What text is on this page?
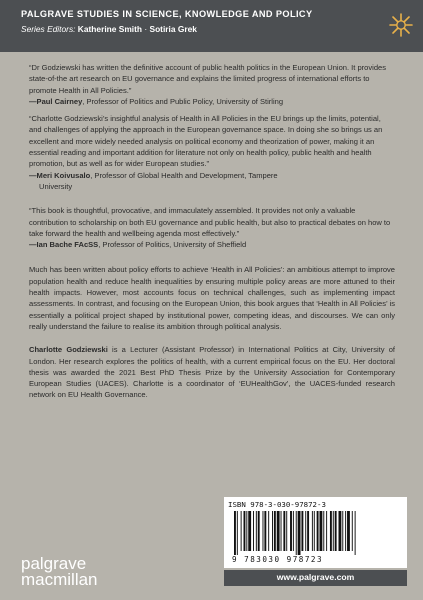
PALGRAVE STUDIES IN SCIENCE, KNOWLEDGE AND POLICY
Series Editors: Katherine Smith · Sotiria Grek

“Dr Godziewski has written the definitive account of public health politics in the European Union. It provides state-of-the art research on EU governance and explains the limited progress of international efforts to promote Health in All Policies.”

—Paul Cairney, Professor of Politics and Public Policy, University of Stirling

“Charlotte Godziewski’s insightful analysis of Health in All Policies in the EU brings up the limits, potential, and challenges of applying the approach in the European governance space. In doing she so brings us an excellent and more widely needed analysis on political economy and theorization of power, making it an essential reading and important addition for literature not only on health policy, public health and health promotion, but as well as for wider European studies.”

—Meri Koivusalo, Professor of Global Health and Development, Tampere
University

“This book is thoughtful, provocative, and immaculately assembled. It provides not only a valuable contribution to scholarship on both EU governance and public health, but also to practical debates on how to take forward the health and wellbeing agenda most effectively.”

—Ian Bache FAcSS, Professor of Politics, University of Sheffield

Much has been written about policy efforts to achieve ‘Health in All Policies’: an ambitious attempt to improve population health and reduce health inequalities by ensuring multiple policy areas are more attuned to their health impacts. However, most accounts focus on technical challenges, such as implementing impact assessments. In contrast, and focusing on the European Union, this book argues that ‘Health in All Policies’ is essentially a political project shaped by institutional power, competing ideas, and discourses. We can only really understand the failure to realise its ambition through political analysis.

Charlotte Godziewski is a Lecturer (Assistant Professor) in International Politics at City, University of London. Her research explores the politics of health, with a current empirical focus on the EU. Her doctoral thesis was awarded the 2021 Best PhD Thesis Prize by the University Association for Contemporary European Studies (UACES). Charlotte is a coordinator of ‘EUHealthGov’, the UACES-funded research network on EU Health Governance.

palgrave
macmillan
ISBN 978-3-030-97872-3
9 783030 978723
www.palgrave.com
